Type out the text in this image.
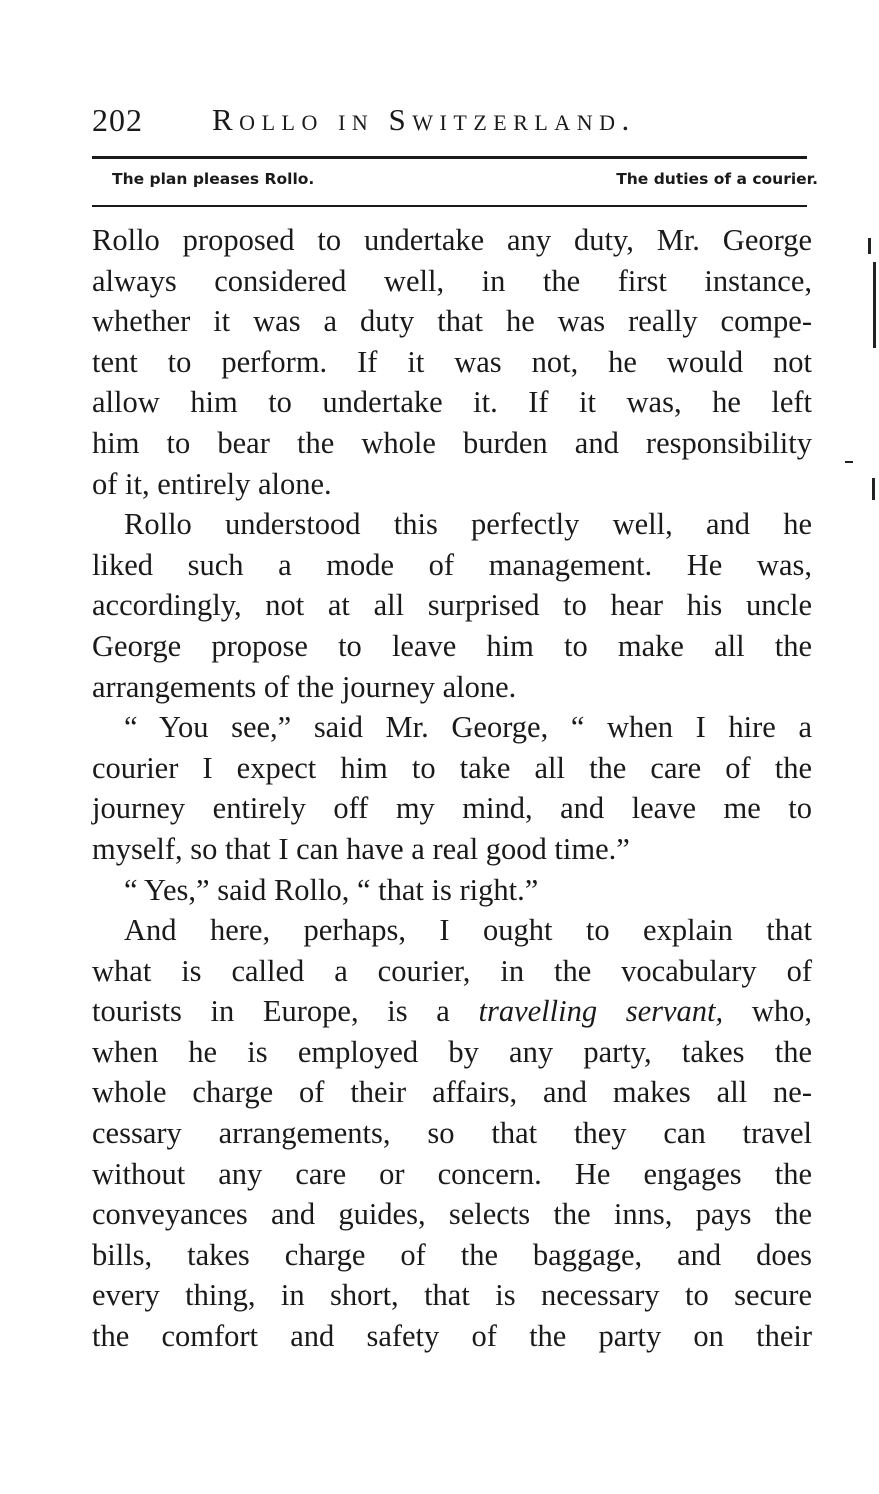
202 Rollo in Switzerland.
The plan pleases Rollo.	The duties of a courier.
Rollo proposed to undertake any duty, Mr. George
always considered well, in the first instance,
whether it was a duty that he was really compe-
tent to perform. If it was not, he would not
allow him to undertake it. If it was, he left
him to bear the whole burden and responsibility
of it, entirely alone.
Rollo understood this perfectly well, and he
liked such a mode of management. He was,
accordingly, not at all surprised to hear his uncle
George propose to leave him to make all the
arrangements of the journey alone.
“ You see,” said Mr. George, “ when I hire a
courier I expect him to take all the care of the
journey entirely off my mind, and leave me to
myself, so that I can have a real good time.”
“ Yes,” said Rollo, “ that is right.”
And here, perhaps, I ought to explain that
what is called a courier, in the vocabulary of
tourists in Europe, is a travelling servant, who,
when he is employed by any party, takes the
whole charge of their affairs, and makes all ne-
cessary arrangements, so that they can travel
without any care or concern. He engages the
conveyances and guides, selects the inns, pays the
bills, takes charge of the baggage, and does
every thing, in short, that is necessary to secure
the comfort and safety of the party on their
